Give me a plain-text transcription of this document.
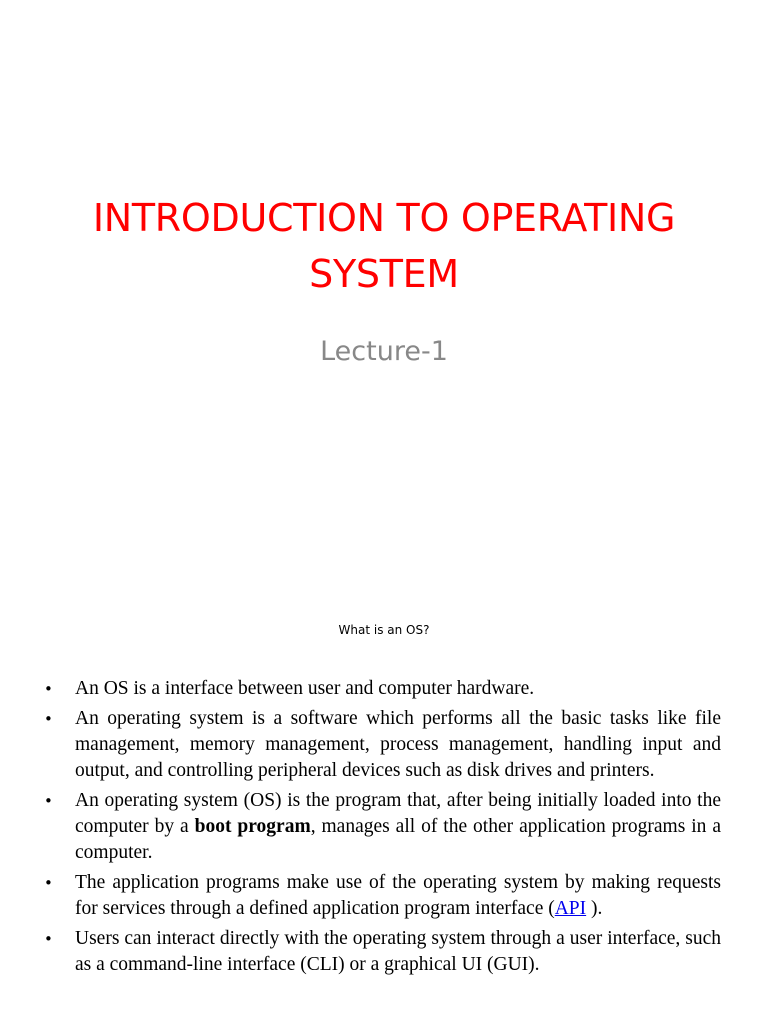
INTRODUCTION TO OPERATING SYSTEM
Lecture-1
What is an OS?
• An OS is a interface between user and computer hardware.
• An operating system is a software which performs all the basic tasks like file management, memory management, process management, handling input and output, and controlling peripheral devices such as disk drives and printers.
• An operating system (OS) is the program that, after being initially loaded into the computer by a boot program, manages all of the other application programs in a computer.
• The application programs make use of the operating system by making requests for services through a defined application program interface (API ).
• Users can interact directly with the operating system through a user interface, such as a command-line interface (CLI) or a graphical UI (GUI).
